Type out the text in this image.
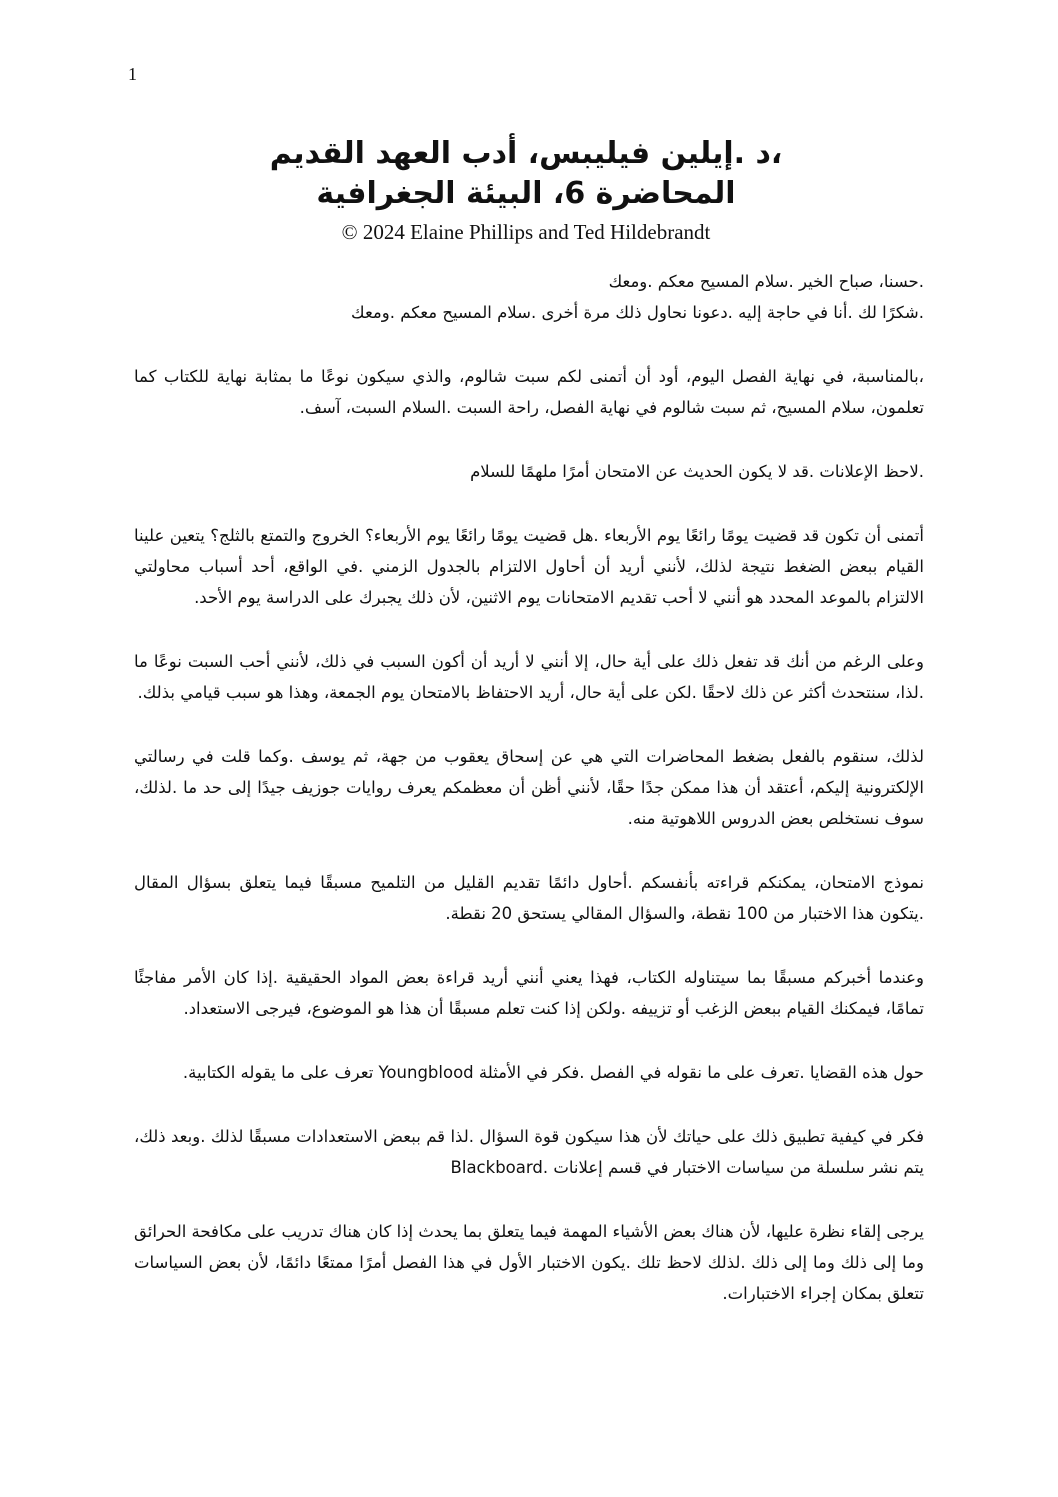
1
،د .إيلين فيليبس، أدب العهد القديم
المحاضرة 6، البيئة الجغرافية
© 2024 Elaine Phillips and Ted Hildebrandt

.حسنا، صباح الخير .سلام المسيح معكم .ومعك

.شكرًا لك .أنا في حاجة إليه .دعونا نحاول ذلك مرة أخرى .سلام المسيح معكم .ومعك

،بالمناسبة، في نهاية الفصل اليوم، أود أن أتمنى لكم سبت شالوم، والذي سيكون نوعًا ما بمثابة نهاية للكتاب كما تعلمون، سلام المسيح، ثم سبت شالوم في نهاية الفصل، راحة السبت .السلام السبت، آسف.

.لاحظ الإعلانات .قد لا يكون الحديث عن الامتحان أمرًا ملهمًا للسلام

أتمنى أن تكون قد قضيت يومًا رائعًا يوم الأربعاء .هل قضيت يومًا رائعًا يوم الأربعاء؟ الخروج والتمتع بالثلج؟ يتعين علينا القيام ببعض الضغط نتيجة لذلك، لأنني أريد أن أحاول الالتزام بالجدول الزمني .في الواقع، أحد أسباب محاولتي الالتزام بالموعد المحدد هو أنني لا أحب تقديم الامتحانات يوم الاثنين، لأن ذلك يجبرك على الدراسة يوم الأحد.

وعلى الرغم من أنك قد تفعل ذلك على أية حال، إلا أنني لا أريد أن أكون السبب في ذلك، لأنني أحب السبت نوعًا ما .لذا، سنتحدث أكثر عن ذلك لاحقًا .لكن على أية حال، أريد الاحتفاظ بالامتحان يوم الجمعة، وهذا هو سبب قيامي بذلك.

لذلك، سنقوم بالفعل بضغط المحاضرات التي هي عن إسحاق يعقوب من جهة، ثم يوسف .وكما قلت في رسالتي الإلكترونية إليكم، أعتقد أن هذا ممكن جدًا حقًا، لأنني أظن أن معظمكم يعرف روايات جوزيف جيدًا إلى حد ما .لذلك، سوف نستخلص بعض الدروس اللاهوتية منه.

نموذج الامتحان، يمكنكم قراءته بأنفسكم .أحاول دائمًا تقديم القليل من التلميح مسبقًا فيما يتعلق بسؤال المقال .يتكون هذا الاختبار من 100 نقطة، والسؤال المقالي يستحق 20 نقطة.

وعندما أخبركم مسبقًا بما سيتناوله الكتاب، فهذا يعني أنني أريد قراءة بعض المواد الحقيقية .إذا كان الأمر مفاجئًا تمامًا، فيمكنك القيام ببعض الزغب أو تزييفه .ولكن إذا كنت تعلم مسبقًا أن هذا هو الموضوع، فيرجى الاستعداد.

حول هذه القضايا .تعرف على ما نقوله في الفصل .فكر في الأمثلة Youngblood تعرف على ما يقوله الكتابية.

فكر في كيفية تطبيق ذلك على حياتك لأن هذا سيكون قوة السؤال .لذا قم ببعض الاستعدادات مسبقًا لذلك .وبعد ذلك، يتم نشر سلسلة من سياسات الاختبار في قسم إعلانات .Blackboard

يرجى إلقاء نظرة عليها، لأن هناك بعض الأشياء المهمة فيما يتعلق بما يحدث إذا كان هناك تدريب على مكافحة الحرائق وما إلى ذلك وما إلى ذلك .لذلك لاحظ تلك .يكون الاختبار الأول في هذا الفصل أمرًا ممتعًا دائمًا، لأن بعض السياسات تتعلق بمكان إجراء الاختبارات.
